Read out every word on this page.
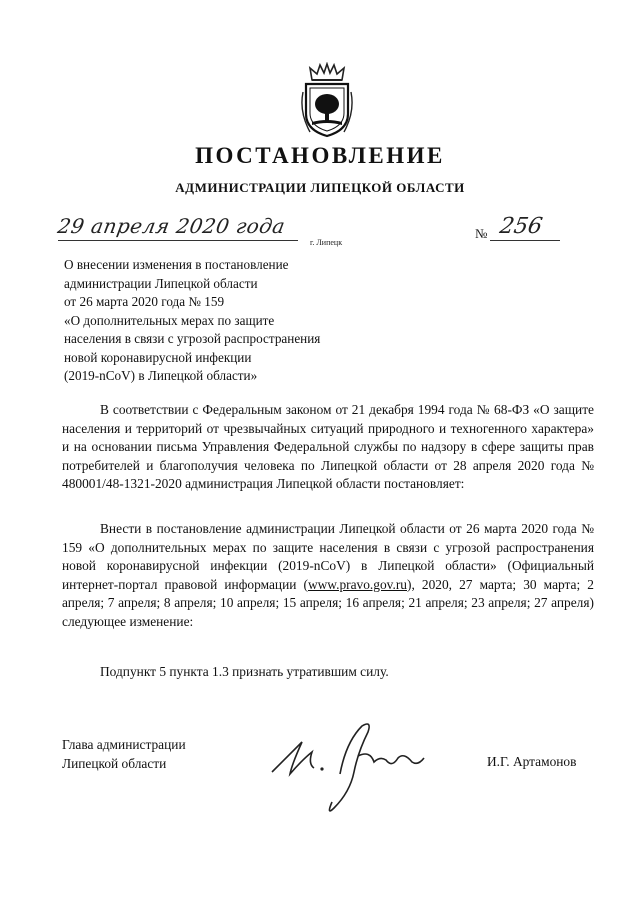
ПОСТАНОВЛЕНИЕ
АДМИНИСТРАЦИИ ЛИПЕЦКОЙ ОБЛАСТИ
29 апреля 2020 года
г. Липецк
№ 256
О внесении изменения в постановление
администрации Липецкой области
от 26 марта 2020 года № 159
«О дополнительных мерах по защите
населения в связи с угрозой распространения
новой коронавирусной инфекции
(2019-nCoV) в Липецкой области»

В соответствии с Федеральным законом от 21 декабря 1994 года № 68-ФЗ «О защите населения и территорий от чрезвычайных ситуаций природного и техногенного характера» и на основании письма Управления Федеральной службы по надзору в сфере защиты прав потребителей и благополучия человека по Липецкой области от 28 апреля 2020 года № 480001/48-1321-2020 администрация Липецкой области постановляет:

Внести в постановление администрации Липецкой области от 26 марта 2020 года № 159 «О дополнительных мерах по защите населения в связи с угрозой распространения новой коронавирусной инфекции (2019-nCoV) в Липецкой области» (Официальный интернет-портал правовой информации (www.pravo.gov.ru), 2020, 27 марта; 30 марта; 2 апреля; 7 апреля; 8 апреля; 10 апреля; 15 апреля; 16 апреля; 21 апреля; 23 апреля; 27 апреля) следующее изменение:

Подпункт 5 пункта 1.3 признать утратившим силу.

Глава администрации
Липецкой области	И.Г. Артамонов
